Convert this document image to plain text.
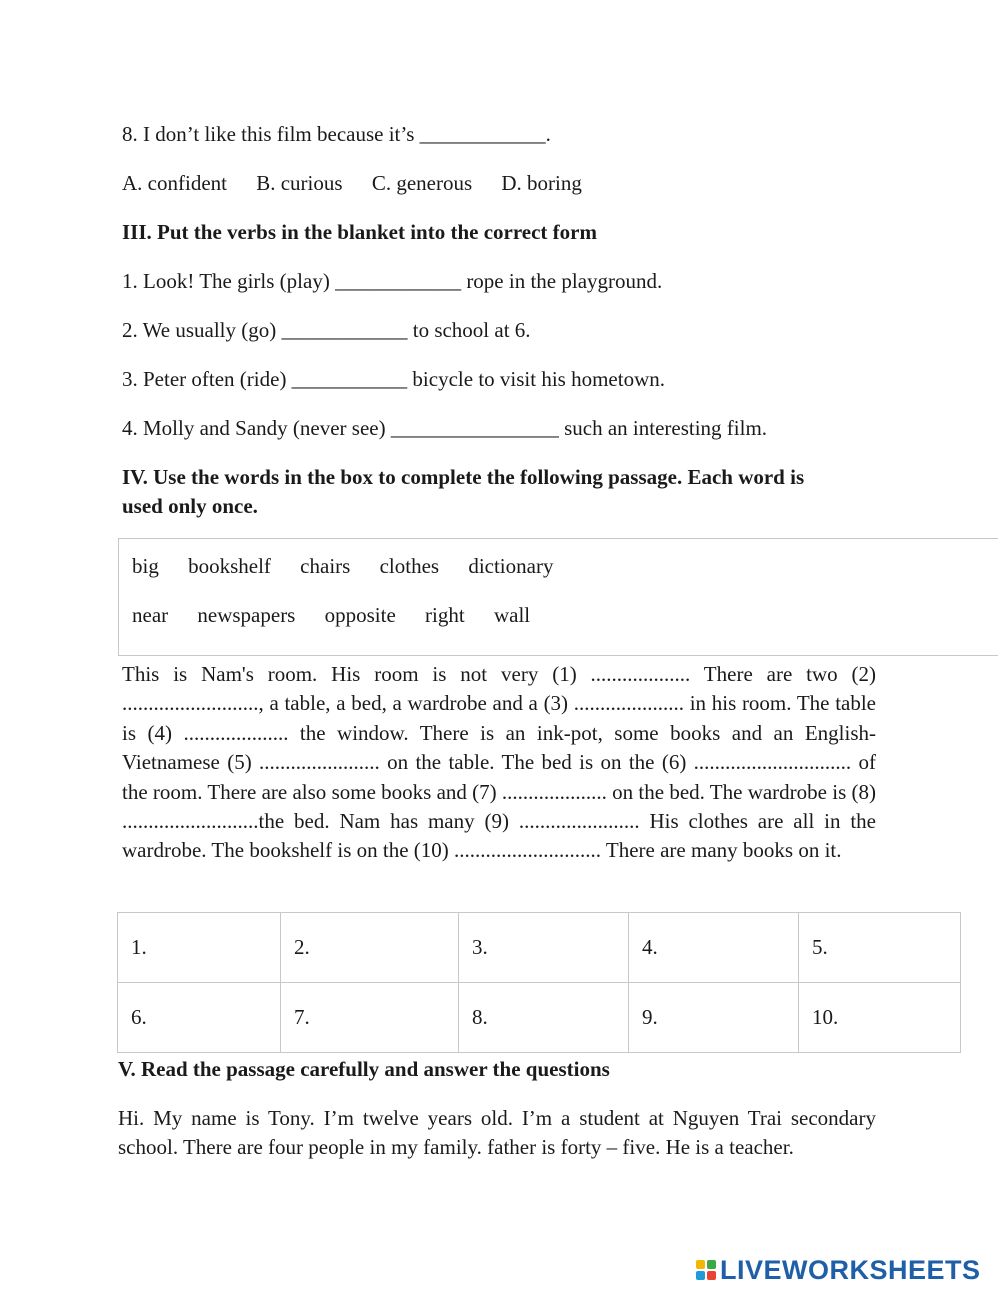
8. I don’t like this film because it’s ____________.
A. confident B. curious C. generous D. boring
III. Put the verbs in the blanket into the correct form
1. Look! The girls (play) ____________ rope in the playground.
2. We usually (go) ____________ to school at 6.
3. Peter often (ride) ___________ bicycle to visit his hometown.
4. Molly and Sandy (never see) ________________ such an interesting film.
IV. Use the words in the box to complete the following passage. Each word is
used only once.
big bookshelf chairs clothes dictionary
near newspapers opposite right wall
This is Nam's room. His room is not very (1) ................... There are two (2) .........................., a table, a bed, a wardrobe and a (3) ..................... in his room. The table is (4) .................... the window. There is an ink-pot, some books and an English-Vietnamese (5) ....................... on the table. The bed is on the (6) .............................. of the room. There are also some books and (7) .................... on the bed. The wardrobe is (8) ..........................the bed. Nam has many (9) ....................... His clothes are all in the wardrobe. The bookshelf is on the (10) ............................ There are many books on it.
1.	2.	3.	4.	5.
6.	7.	8.	9.	10.
V. Read the passage carefully and answer the questions
Hi. My name is Tony. I’m twelve years old. I’m a student at Nguyen Trai secondary school. There are four people in my family. father is forty – five. He is a teacher.
LIVEWORKSHEETS
